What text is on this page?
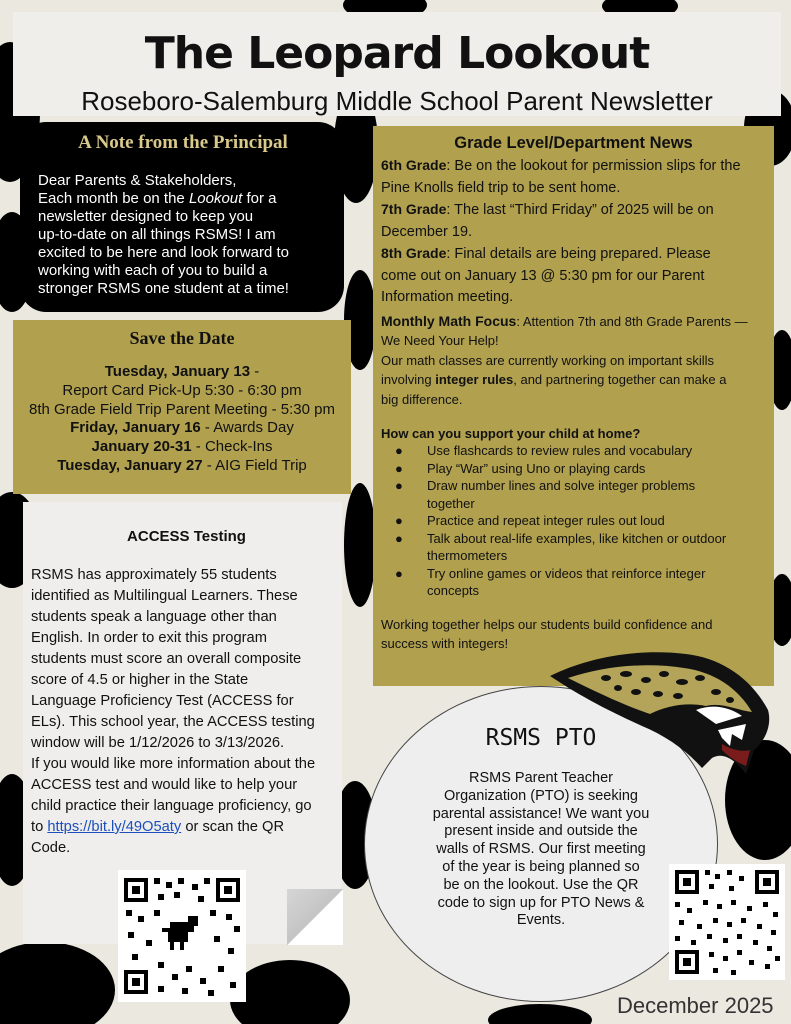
The Leopard Lookout
Roseboro-Salemburg Middle School Parent Newsletter
A Note from the Principal
Dear Parents & Stakeholders,
Each month be on the Lookout for a
newsletter designed to keep you
up-to-date on all things RSMS! I am
excited to be here and look forward to
working with each of you to build a
stronger RSMS one student at a time!
Save the Date
Tuesday, January 13 -
Report Card Pick-Up 5:30 - 6:30 pm
8th Grade Field Trip Parent Meeting - 5:30 pm
Friday, January 16 - Awards Day
January 20-31 - Check-Ins
Tuesday, January 27 - AIG Field Trip
ACCESS Testing
RSMS has approximately 55 students
identified as Multilingual Learners. These
students speak a language other than
English. In order to exit this program
students must score an overall composite
score of 4.5 or higher in the State
Language Proficiency Test (ACCESS for
ELs). This school year, the ACCESS testing
window will be 1/12/2026 to 3/13/2026.
If you would like more information about the
ACCESS test and would like to help your
child practice their language proficiency, go
to https://bit.ly/49O5aty or scan the QR
Code.
Grade Level/Department News
6th Grade: Be on the lookout for permission slips for the
Pine Knolls field trip to be sent home.
7th Grade: The last “Third Friday” of 2025 will be on
December 19.
8th Grade: Final details are being prepared. Please
come out on January 13 @ 5:30 pm for our Parent
Information meeting.
Monthly Math Focus: Attention 7th and 8th Grade Parents —
We Need Your Help!
Our math classes are currently working on important skills
involving integer rules, and partnering together can make a
big difference.
How can you support your child at home?
● Use flashcards to review rules and vocabulary
● Play “War” using Uno or playing cards
● Draw number lines and solve integer problems
together
● Practice and repeat integer rules out loud
● Talk about real-life examples, like kitchen or outdoor
thermometers
● Try online games or videos that reinforce integer
concepts
Working together helps our students build confidence and
success with integers!
RSMS PTO
RSMS Parent Teacher
Organization (PTO) is seeking
parental assistance! We want you
present inside and outside the
walls of RSMS. Our first meeting
of the year is being planned so
be on the lookout. Use the QR
code to sign up for PTO News &
Events.
December 2025
